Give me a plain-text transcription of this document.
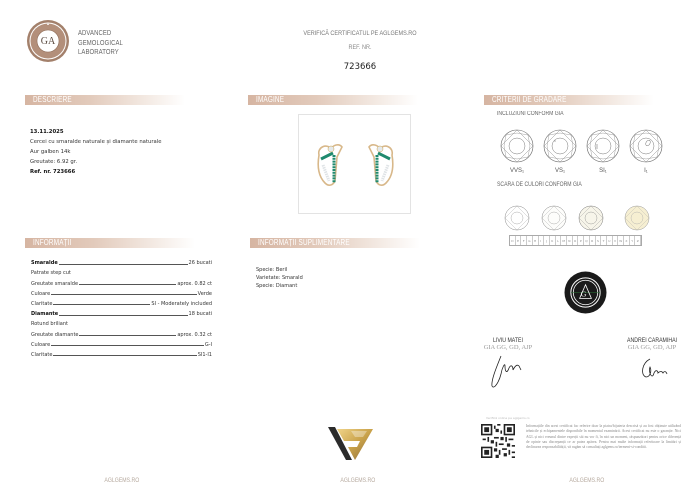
GA
ADVANCED
GEMOLOGICAL
LABORATORY
VERIFICĂ CERTIFICATUL PE AGLGEMS.RO
REF. NR.
723666
DESCRIERE	IMAGINE	CRITERII DE GRADARE
INFORMAȚII	INFORMAȚII SUPLIMENTARE
13.11.2025
Cercei cu smaralde naturale și diamante naturale
Aur galben 14k
Greutate: 6.92 gr.
Ref. nr. 723666
Smaralde	26 bucati
Patrate step cut
Greutate smaralde	aprox. 0.82 ct
Culoare	Verde
Claritate	SI - Moderately included
Diamante	18 bucati
Rotund briliant
Greutate diamante	aprox. 0.32 ct
Culoare	G-I
Claritate	SI1-I1
Specie: Beril
Varietate: Smarald
Specie: Diamant
INCLUZIUNI CONFORM GIA
VVS₁	VS₁	SI₁	I₁
SCARĂ DE CULORI CONFORM GIA
D	E	F	G	H	I	J	K	L	M	N	O	P	Q	R	S	T	U	V	W	X	Y	Z
G
LIVIU MATEI
GIA GG, GD, AJP
ANDREI CARAMIHAI
GIA GG, GD, AJP
Verifică online pe aglgems.ro
Informațiile din acest certificat fac referire doar la piatra/bijuteria descrisă și au fost obținute utilizând tehnicile și echipamentele disponibile în momentul examinării. Acest certificat nu este o garanție. Nici AGL și nici vreunul dintre experții săi nu vor fi, în nici un moment, răspunzători pentru orice diferență de opinie sau discrepanță ce ar putea apărea. Pentru mai multe informații referitoare la limitări și declinarea responsabilității, vă rugăm să consultați aglgems.ro/termeni-si-conditii.
AGLGEMS.RO	AGLGEMS.RO	AGLGEMS.RO
